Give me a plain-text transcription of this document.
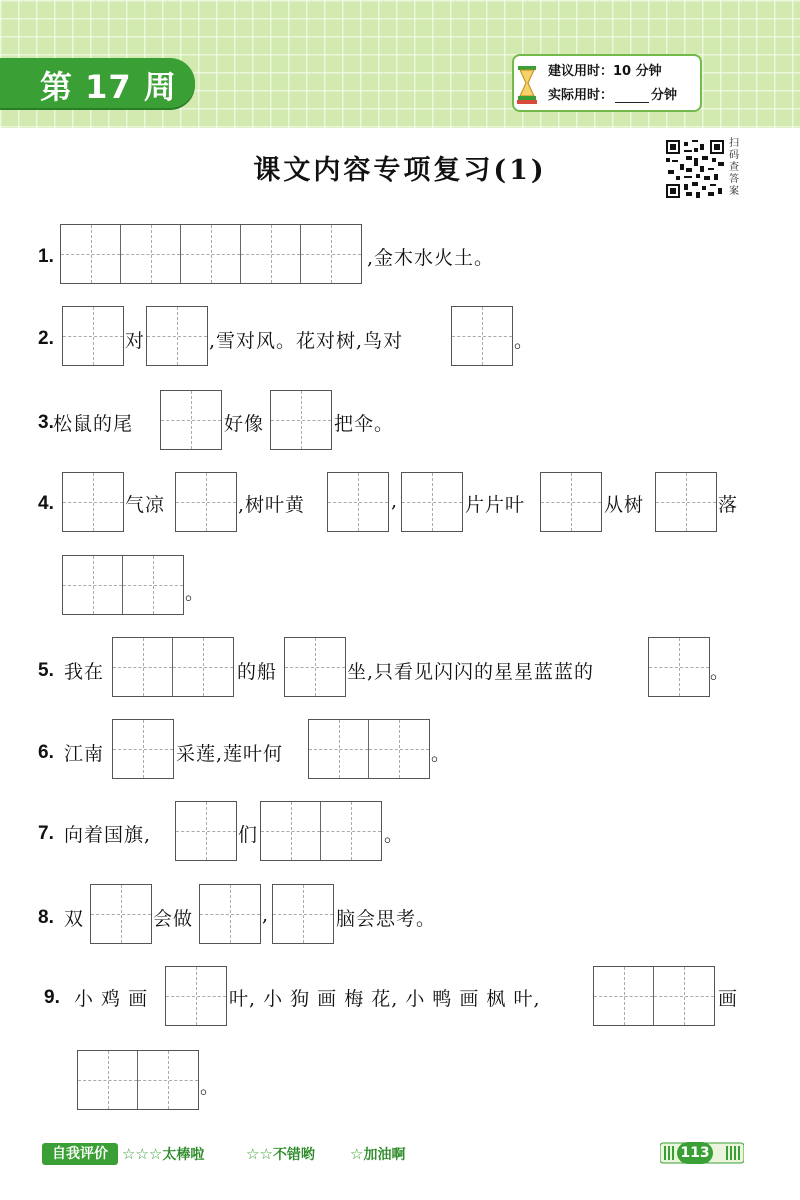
第 17 周	建议用时：10 分钟
实际用时：	分钟
课文内容专项复习(1)
扫码查答案
1.	,金木水火土。
2.	对	,雪对风。花对树,鸟对	。
3. 松鼠的尾	好像	把伞。
4.	气凉	,树叶黄	,	片片叶	从树	落
。
5. 我在	的船	坐,只看见闪闪的星星蓝蓝的	。
6. 江南	采莲,莲叶何	。
7. 向着国旗,	们	。
8. 双	会做	,	脑会思考。
9. 小 鸡 画	叶, 小 狗 画 梅 花, 小 鸭 画 枫 叶,	画
。
自我评价 ☆☆☆太棒啦	☆☆不错哟 ☆加油啊	113
